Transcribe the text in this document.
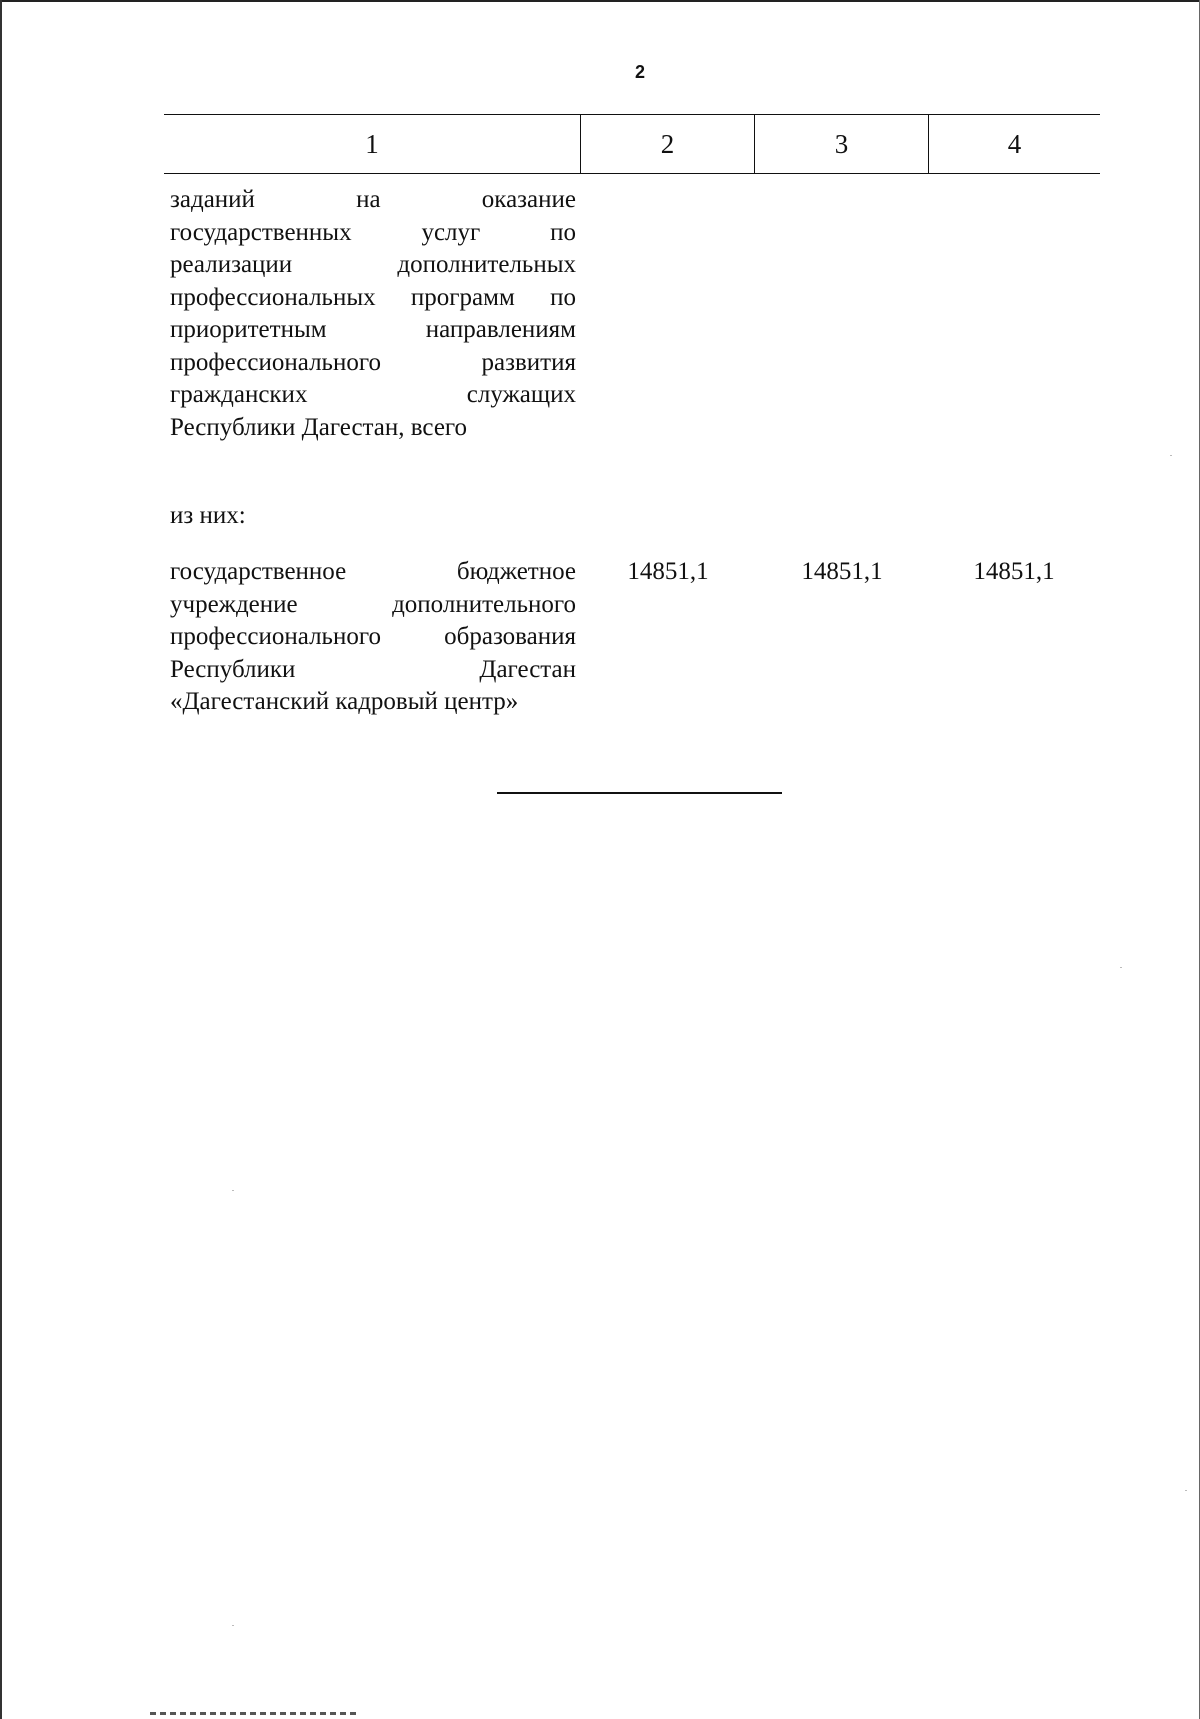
2
1	2	3	4
заданий на оказание
государственных услуг по
реализации дополнительных
профессиональных программ по
приоритетным направлениям
профессионального развития
гражданских служащих
Республики Дагестан, всего
из них:
государственное бюджетное
учреждение дополнительного
профессионального образования
Республики Дагестан
«Дагестанский кадровый центр»
14851,1	14851,1	14851,1
